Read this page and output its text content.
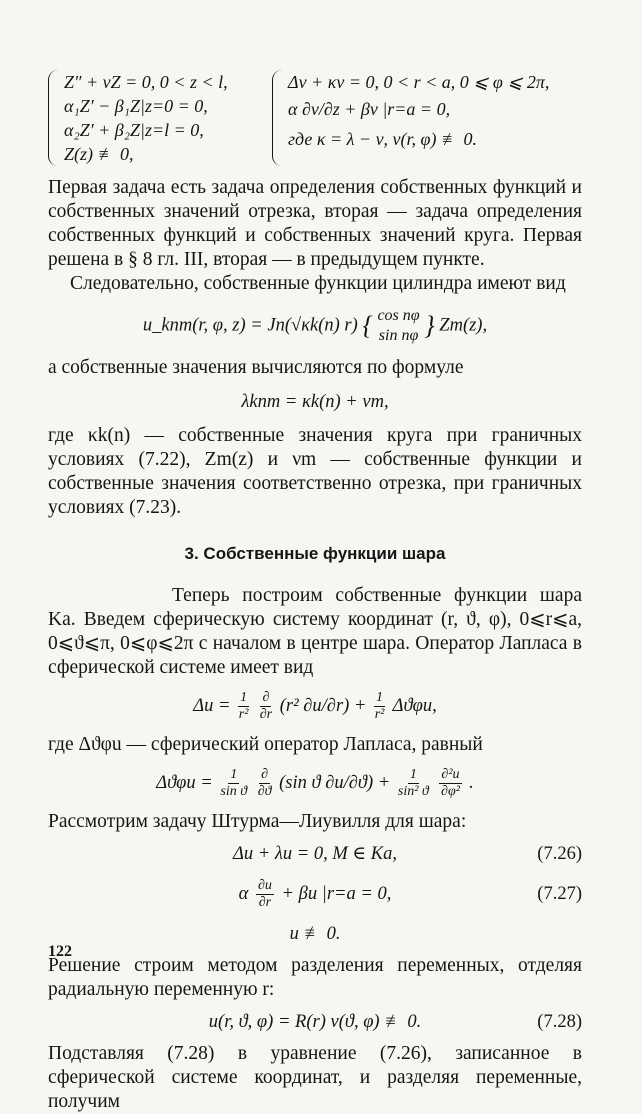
Z″ + νZ = 0, 0 < z < l,
α₁Z′ − β₁Z|z=0 = 0,
α₂Z′ + β₂Z|z=l = 0,
Z(z) ≢ 0,
Δv + κv = 0, 0 < r < a, 0 ⩽ φ ⩽ 2π,
α ∂v/∂z + βv |r=a = 0,
где κ = λ − ν, v(r, φ) ≢ 0.

Первая задача есть задача определения собственных функций и собственных значений отрезка, вторая — задача определения собственных функций и собственных значений круга. Первая решена в § 8 гл. III, вторая — в предыдущем пункте.

Следовательно, собственные функции цилиндра имеют вид

u_knm(r, φ, z) = Jn(√κk(n) r) { cos nφ
sin nφ } Zm(z),

а собственные значения вычисляются по формуле

λknm = κk(n) + νm,

где κk(n) — собственные значения круга при граничных условиях (7.22), Zm(z) и νm — собственные функции и собственные значения соответственно отрезка, при граничных условиях (7.23).

3. Собственные функции шара

Теперь построим собственные функции шара Ka. Введем сферическую систему координат (r, ϑ, φ), 0⩽r⩽a, 0⩽ϑ⩽π, 0⩽φ⩽2π с началом в центре шара. Оператор Лапласа в сферической системе имеет вид

$\Delta u = \frac{1}{\text{r²}}$
$\frac{\partial}{\partial r} (r^2$ $\partial u/\partial r) + \frac{1}{\text{r²}} \Delta ϑ\varphi u$,

где Δϑφu — сферический оператор Лапласа, равный

$\Delta ϑ\varphi u = \frac{1}{\text{sin ϑ}}$
$\frac{\partial}{\partial ϑ} (\sin$ ϑ $\partial u/\partial ϑ) + \frac{1}{\text{sin² ϑ}}$
$\frac{\text{∂²u}}{\text{∂φ²}}$ .

Рассмотрим задачу Штурма—Лиувилля для шара:

Δu + λu = 0, M ∈ Ka,	(7.26)
α $\frac{\partial u}{\partial r} + \beta u$ |r=a = 0,	(7.27)
u ≢ 0.

Решение строим методом разделения переменных, отделяя радиальную переменную r:

u(r, ϑ, φ) = R(r) v(ϑ, φ) ≢ 0.	(7.28)

Подставляя (7.28) в уравнение (7.26), записанное в сферической системе координат, и разделяя переменные, получим

122
